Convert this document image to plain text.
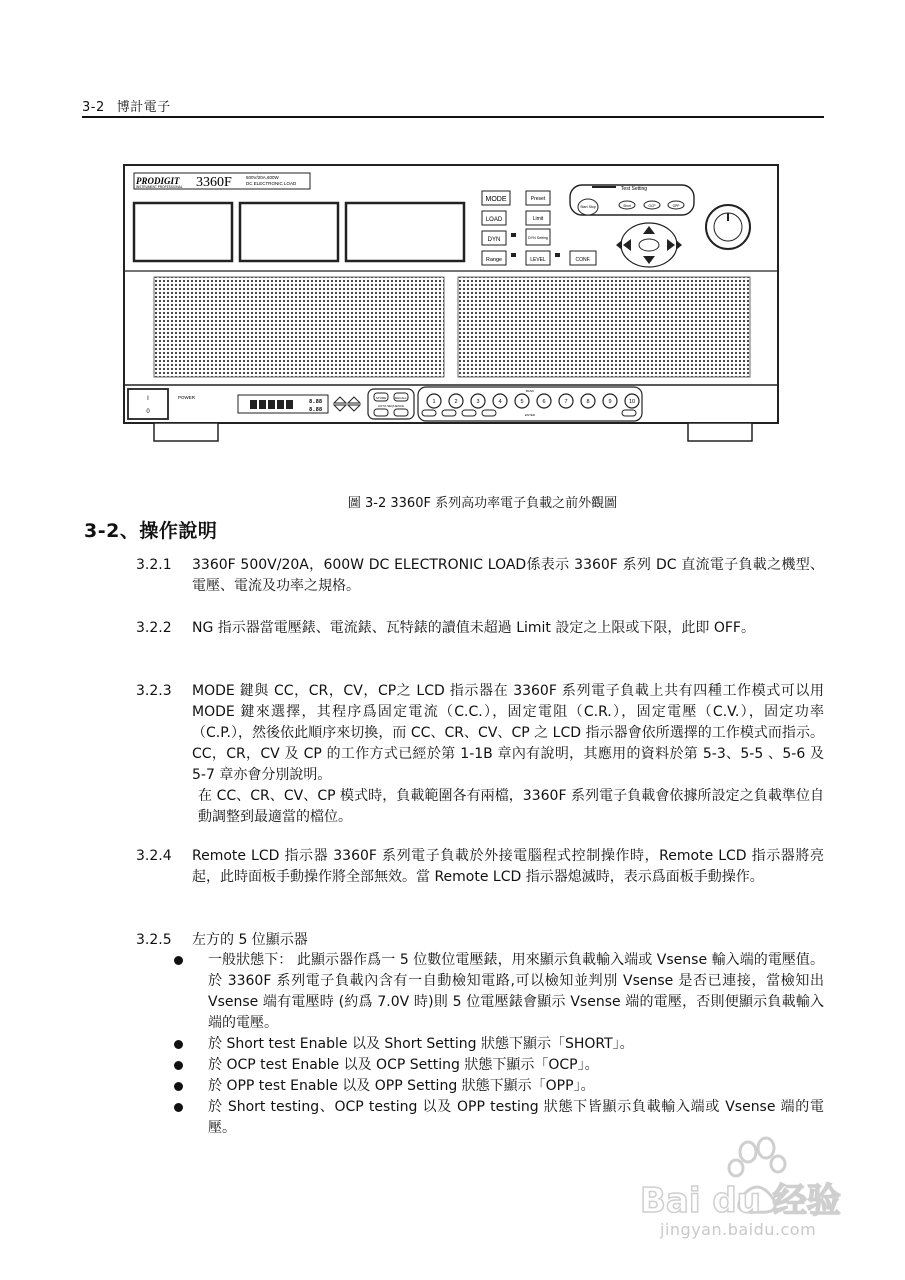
3-2 博計電子
PRODIGIT
INSTRUMENT PROFESSIONAL 3360F	500V/20A,600W
DC ELECTRONIC LOAD
MODE	Preset
LOAD	Limit
DYN	DYN Setting
Range	LEVEL	CONF.
Test Setting
Start Stop	Short	OCP	OPP
I
0
POWER
8.88
8.88
STORE	RECALL
AUTO SEQUENCE
BANK
1	2	3	4	5	6	7	8	9	10
ENTER
圖 3-2 3360F 系列高功率電子負載之前外觀圖
3-2、操作說明
3.2.1	3360F 500V/20A，600W DC ELECTRONIC LOAD係表示 3360F 系列 DC 直流電子負載之機型、電壓、電流及功率之規格。

3.2.2	NG 指示器當電壓錶、電流錶、瓦特錶的讀值未超過 Limit 設定之上限或下限，此即 OFF。

3.2.3	MODE 鍵與 CC，CR，CV，CP之 LCD 指示器在 3360F 系列電子負載上共有四種工作模式可以用 MODE 鍵來選擇，其程序爲固定電流（C.C.），固定電阻（C.R.），固定電壓（C.V.），固定功率（C.P.），然後依此順序來切換，而 CC、CR、CV、CP 之 LCD 指示器會依所選擇的工作模式而指示。CC，CR，CV 及 CP 的工作方式已經於第 1-1B 章內有說明，其應用的資料於第 5-3、5-5 、5-6 及 5-7 章亦會分別說明。

在 CC、CR、CV、CP 模式時，負載範圍各有兩檔，3360F 系列電子負載會依據所設定之負載準位自動調整到最適當的檔位。

3.2.4	Remote LCD 指示器 3360F 系列電子負載於外接電腦程式控制操作時，Remote LCD 指示器將亮起，此時面板手動操作將全部無效。當 Remote LCD 指示器熄滅時，表示爲面板手動操作。

3.2.5	左方的 5 位顯示器

一般狀態下： 此顯示器作爲一 5 位數位電壓錶，用來顯示負載輸入端或 Vsense 輸入端的電壓值。於 3360F 系列電子負載內含有一自動檢知電路,可以檢知並判別 Vsense 是否已連接，當檢知出 Vsense 端有電壓時 (約爲 7.0V 時)則 5 位電壓錶會顯示 Vsense 端的電壓，否則便顯示負載輸入端的電壓。

於 Short test Enable 以及 Short Setting 狀態下顯示「SHORT」。

於 OCP test Enable 以及 OCP Setting 狀態下顯示「OCP」。

於 OPP test Enable 以及 OPP Setting 狀態下顯示「OPP」。

於 Short testing、OCP testing 以及 OPP testing 狀態下皆顯示負載輸入端或 Vsense 端的電壓。

Bai du 经验
jingyan.baidu.com
